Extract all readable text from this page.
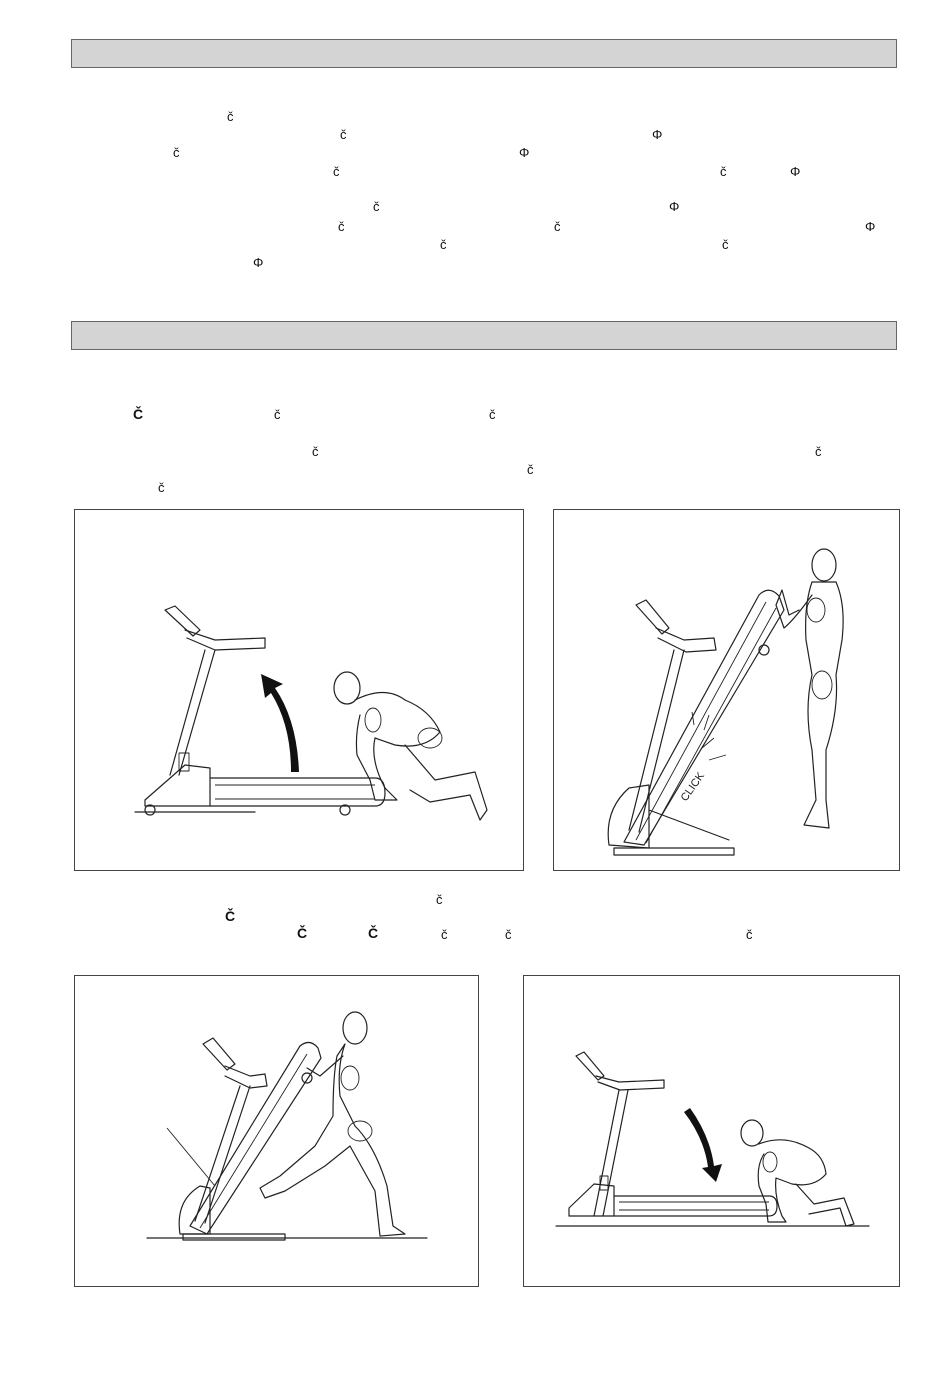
č
č	Φ
č	Φ
č	č	Φ
č	Φ
č	č	Φ
č	č
Φ
Č	č	č
č	č
č
č
CLICK
č
Č
Č	Č	č	č	č
